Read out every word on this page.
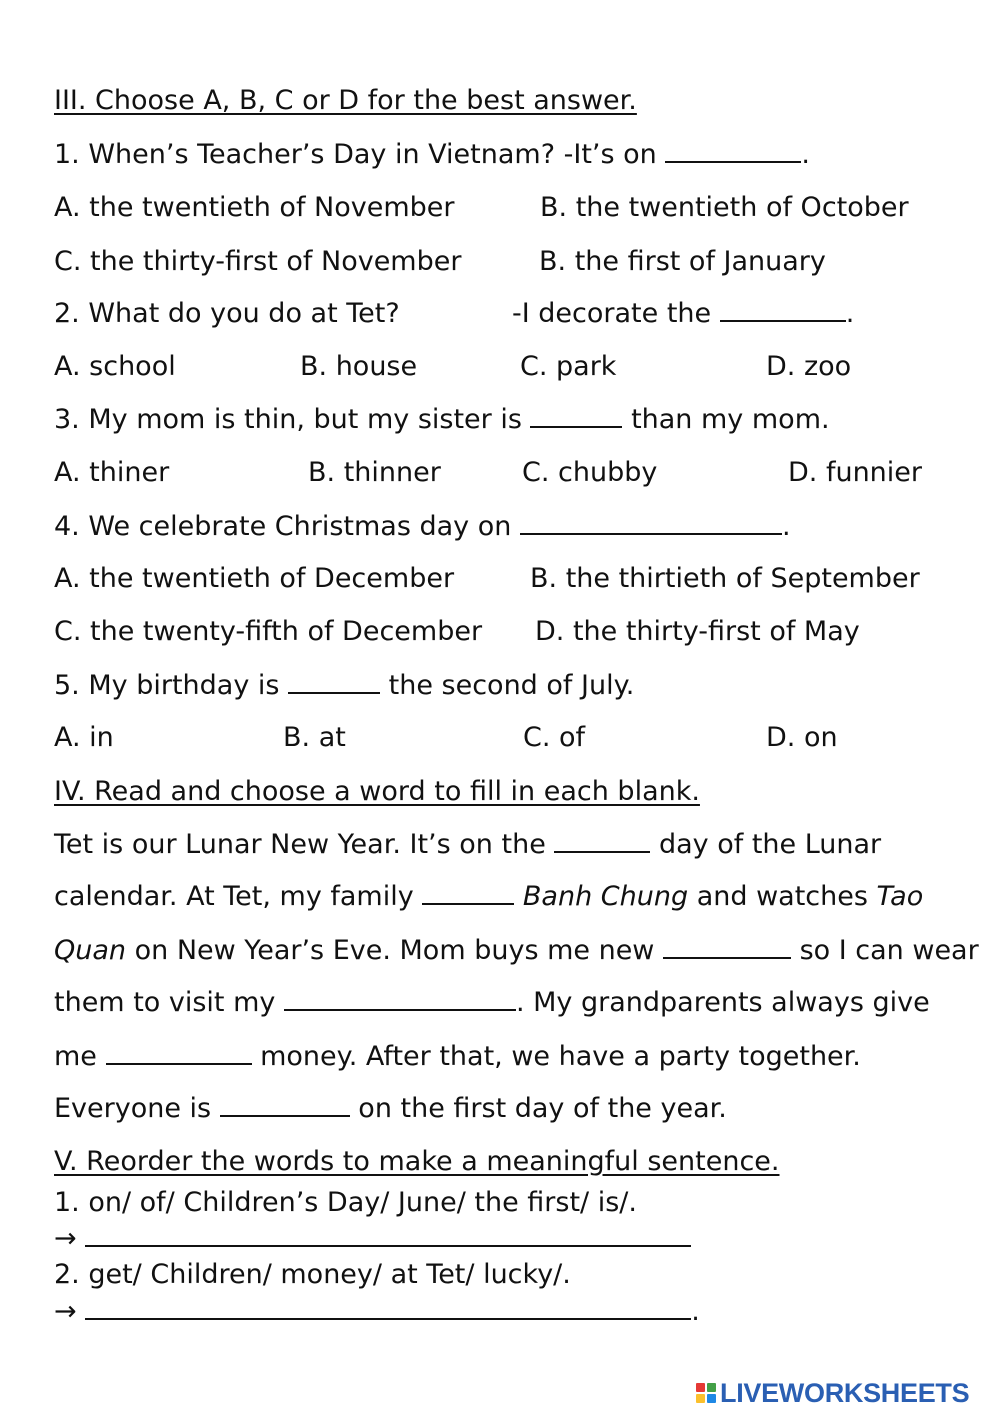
III. Choose A, B, C or D for the best answer.
1. When’s Teacher’s Day in Vietnam? -It’s on	.
A. the twentieth of November	B. the twentieth of October
C. the thirty-first of November	B. the first of January
2. What do you do at Tet?	-I decorate the	.
A. school	B. house	C. park	D. zoo
3. My mom is thin, but my sister is	than my mom.
A. thiner	B. thinner	C. chubby	D. funnier
4. We celebrate Christmas day on	.
A. the twentieth of December	B. the thirtieth of September
C. the twenty-fifth of December D. the thirty-first of May
5. My birthday is	the second of July.
A. in	B. at	C. of	D. on
IV. Read and choose a word to fill in each blank.
Tet is our Lunar New Year. It’s on the	day of the Lunar
calendar. At Tet, my family	Banh Chung and watches Tao
Quan on New Year’s Eve. Mom buys me new	so I can wear
them to visit my	. My grandparents always give
me	money. After that, we have a party together.
Everyone is	on the first day of the year.
V. Reorder the words to make a meaningful sentence.
1. on/ of/ Children’s Day/ June/ the first/ is/.
→
2. get/ Children/ money/ at Tet/ lucky/.
→	.
LIVEWORKSHEETS
